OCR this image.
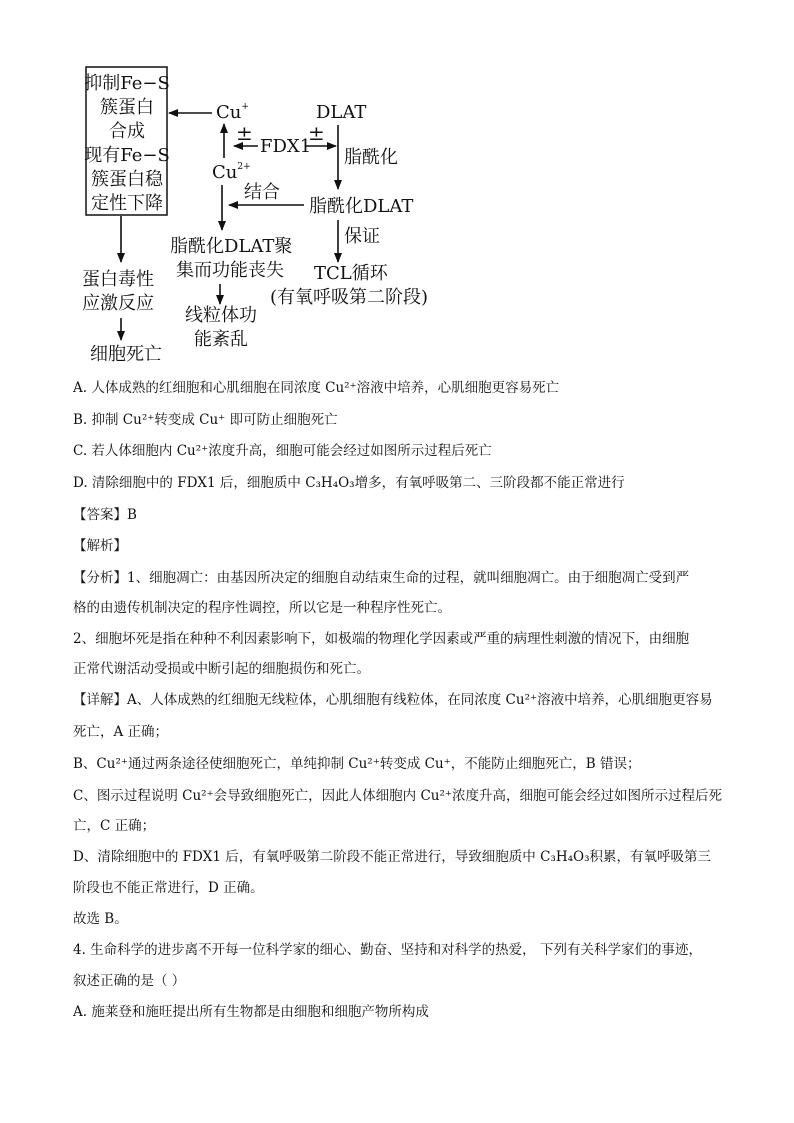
抑制Fe−S
簇蛋白
合成
现有Fe−S
簇蛋白稳
定性下降
Cu+
$Cu^{2+}$
±
FDX1
±
DLAT
脂酰化
脂酰化DLAT
保证
TCL循环
(有氧呼吸第二阶段)
结合
脂酰化DLAT聚
集而功能丧失
线粒体功
能紊乱
蛋白毒性
应激反应
细胞死亡
A. 人体成熟的红细胞和心肌细胞在同浓度 Cu²⁺溶液中培养，心肌细胞更容易死亡
B. 抑制 Cu²⁺转变成 Cu⁺ 即可防止细胞死亡
C. 若人体细胞内 Cu²⁺浓度升高，细胞可能会经过如图所示过程后死亡
D. 清除细胞中的 FDX1 后，细胞质中 C₃H₄O₃增多，有氧呼吸第二、三阶段都不能正常进行
【答案】B
【解析】
【分析】1、细胞凋亡：由基因所决定的细胞自动结束生命的过程，就叫细胞凋亡。由于细胞凋亡受到严
格的由遗传机制决定的程序性调控，所以它是一种程序性死亡。
2、细胞坏死是指在种种不利因素影响下，如极端的物理化学因素或严重的病理性刺激的情况下，由细胞
正常代谢活动受损或中断引起的细胞损伤和死亡。
【详解】A、人体成熟的红细胞无线粒体，心肌细胞有线粒体，在同浓度 Cu²⁺溶液中培养，心肌细胞更容易
死亡，A 正确；
B、Cu²⁺通过两条途径使细胞死亡，单纯抑制 Cu²⁺转变成 Cu⁺，不能防止细胞死亡，B 错误；
C、图示过程说明 Cu²⁺会导致细胞死亡，因此人体细胞内 Cu²⁺浓度升高，细胞可能会经过如图所示过程后死
亡，C 正确；
D、清除细胞中的 FDX1 后，有氧呼吸第二阶段不能正常进行，导致细胞质中 C₃H₄O₃积累，有氧呼吸第三
阶段也不能正常进行，D 正确。
故选 B。
4. 生命科学的进步离不开每一位科学家的细心、勤奋、坚持和对科学的热爱， 下列有关科学家们的事迹，
叙述正确的是（ ）
A. 施莱登和施旺提出所有生物都是由细胞和细胞产物所构成
